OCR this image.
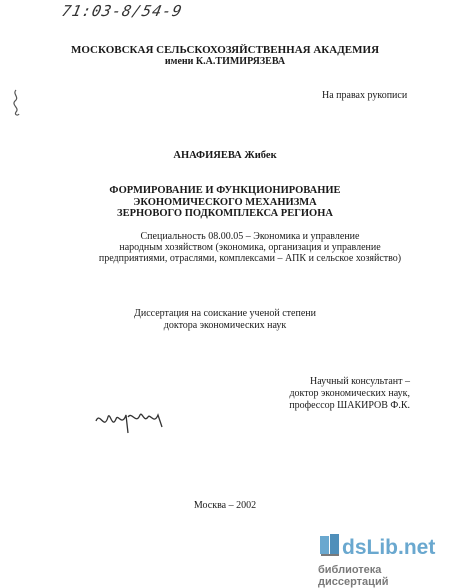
71:03-8/54-9
МОСКОВСКАЯ СЕЛЬСКОХОЗЯЙСТВЕННАЯ АКАДЕМИЯ
имени К.А.ТИМИРЯЗЕВА
На правах рукописи
АНАФИЯЕВА Жибек
ФОРМИРОВАНИЕ И ФУНКЦИОНИРОВАНИЕ
ЭКОНОМИЧЕСКОГО МЕХАНИЗМА
ЗЕРНОВОГО ПОДКОМПЛЕКСА РЕГИОНА
Специальность 08.00.05 – Экономика и управление
народным хозяйством (экономика, организация и управление
предприятиями, отраслями, комплексами – АПК и сельское хозяйство)
Диссертация на соискание ученой степени
доктора экономических наук
Научный консультант –
доктор экономических наук,
профессор ШАКИРОВ Ф.К.
Москва – 2002
dsLib.net
библиотека диссертаций
